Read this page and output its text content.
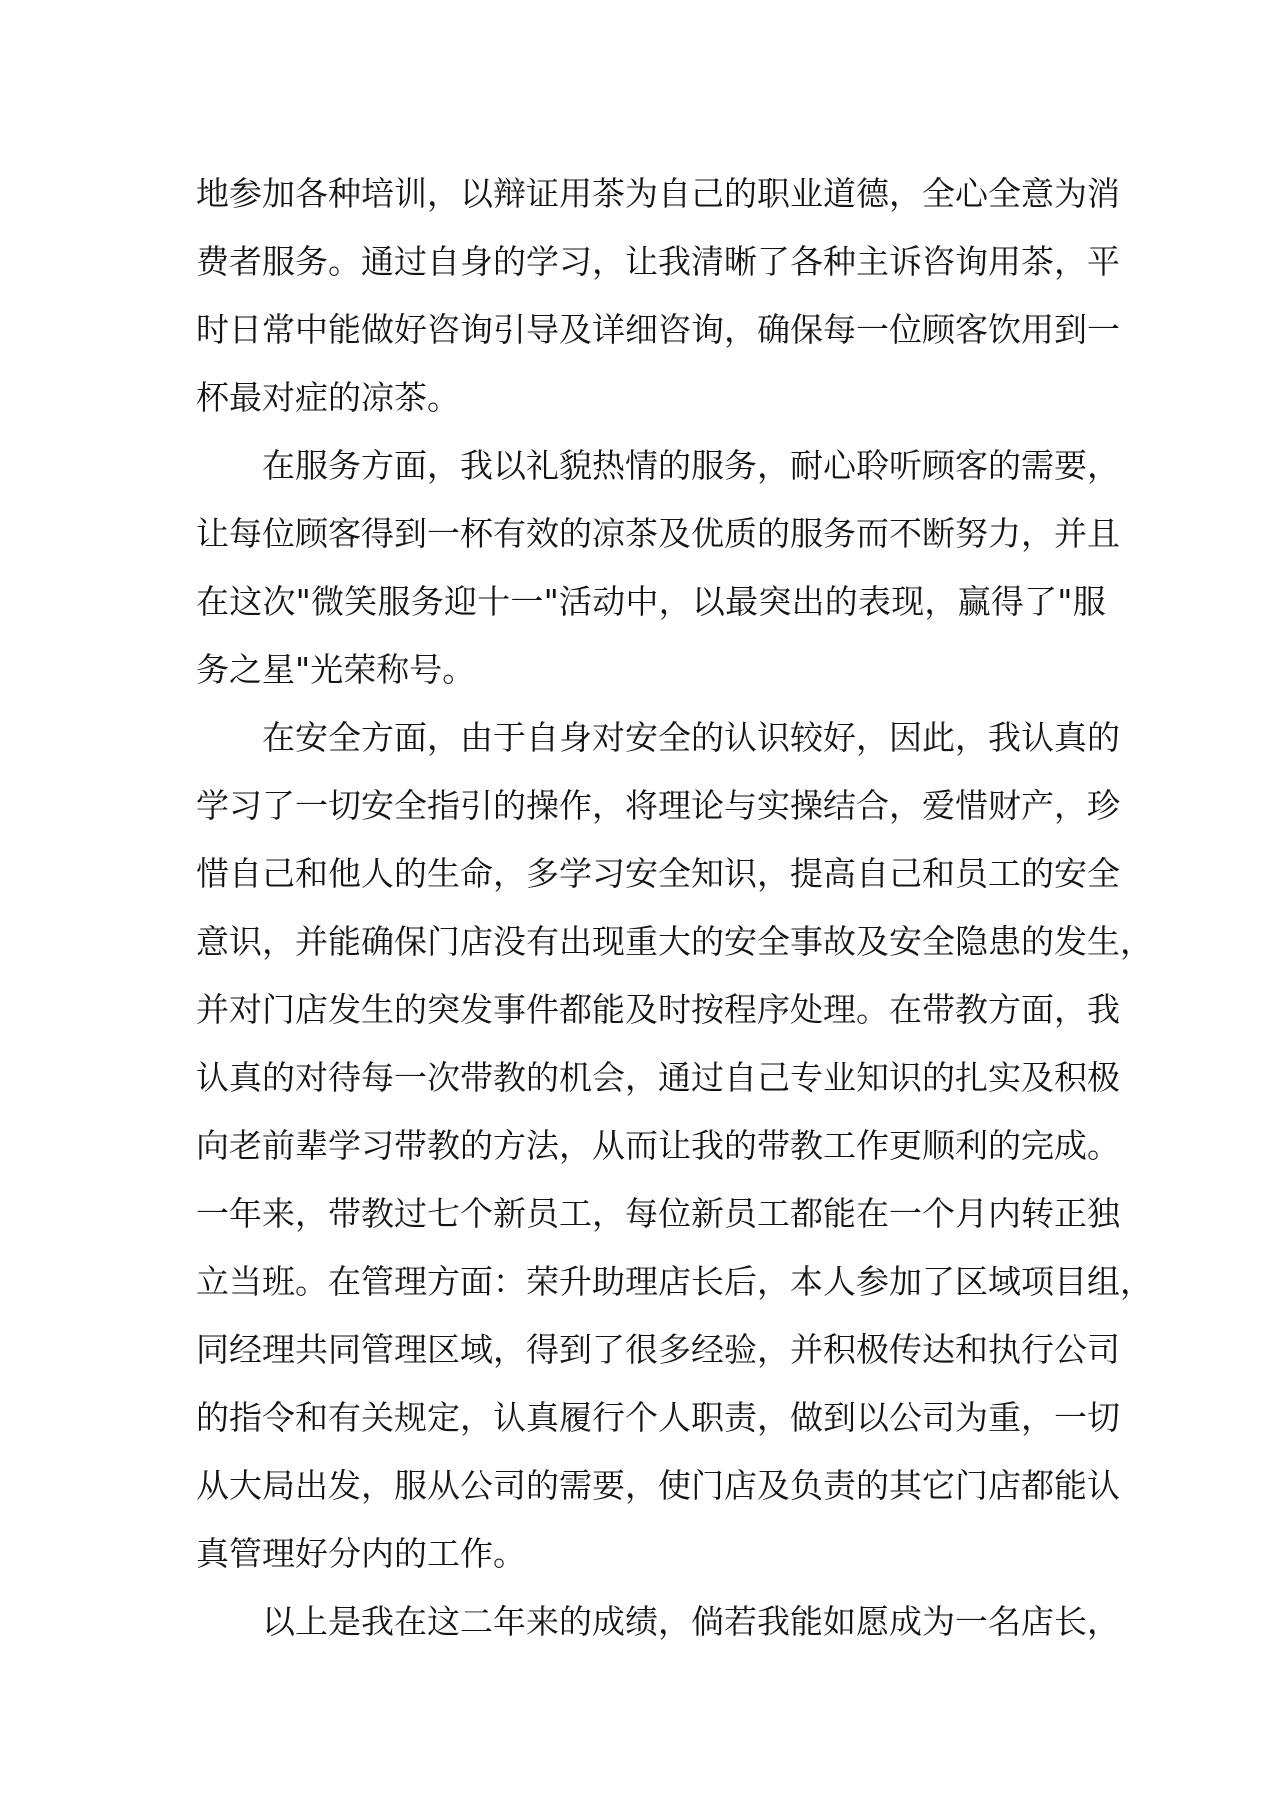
地 参 加 各 种 培 训 ， 以 辩 证 用 茶 为 自 己 的 职 业 道 德 ， 全 心 全 意 为 消
费 者 服 务 。 通 过 自 身 的 学 习 ， 让 我 清 晰 了 各 种 主 诉 咨 询 用 茶 ， 平
时 日 常 中 能 做 好 咨 询 引 导 及 详 细 咨 询 ， 确 保 每 一 位 顾 客 饮 用 到 一
杯 最 对 症 的 凉 茶 。
在 服 务 方 面 ， 我 以 礼 貌 热 情 的 服 务 ， 耐 心 聆 听 顾 客 的 需 要 ，
让 每 位 顾 客 得 到 一 杯 有 效 的 凉 茶 及 优 质 的 服 务 而 不 断 努 力 ， 并 且
在 这 次 " 微 笑 服 务 迎 十 一 " 活 动 中 ， 以 最 突 出 的 表 现 ， 赢 得 了 " 服
务 之 星 " 光 荣 称 号 。
在 安 全 方 面 ， 由 于 自 身 对 安 全 的 认 识 较 好 ， 因 此 ， 我 认 真 的
学 习 了 一 切 安 全 指 引 的 操 作 ， 将 理 论 与 实 操 结 合 ， 爱 惜 财 产 ， 珍
惜 自 己 和 他 人 的 生 命 ， 多 学 习 安 全 知 识 ， 提 高 自 己 和 员 工 的 安 全
意 识 ， 并 能 确 保 门 店 没 有 出 现 重 大 的 安 全 事 故 及 安 全 隐 患 的 发 生 ，
并 对 门 店 发 生 的 突 发 事 件 都 能 及 时 按 程 序 处 理 。 在 带 教 方 面 ， 我
认 真 的 对 待 每 一 次 带 教 的 机 会 ， 通 过 自 己 专 业 知 识 的 扎 实 及 积 极
向 老 前 辈 学 习 带 教 的 方 法 ， 从 而 让 我 的 带 教 工 作 更 顺 利 的 完 成 。
一 年 来 ， 带 教 过 七 个 新 员 工 ， 每 位 新 员 工 都 能 在 一 个 月 内 转 正 独
立 当 班 。 在 管 理 方 面 ： 荣 升 助 理 店 长 后 ， 本 人 参 加 了 区 域 项 目 组 ，
同 经 理 共 同 管 理 区 域 ， 得 到 了 很 多 经 验 ， 并 积 极 传 达 和 执 行 公 司
的 指 令 和 有 关 规 定 ， 认 真 履 行 个 人 职 责 ， 做 到 以 公 司 为 重 ， 一 切
从 大 局 出 发 ， 服 从 公 司 的 需 要 ， 使 门 店 及 负 责 的 其 它 门 店 都 能 认
真 管 理 好 分 内 的 工 作 。
以 上 是 我 在 这 二 年 来 的 成 绩 ， 倘 若 我 能 如 愿 成 为 一 名 店 长 ，
